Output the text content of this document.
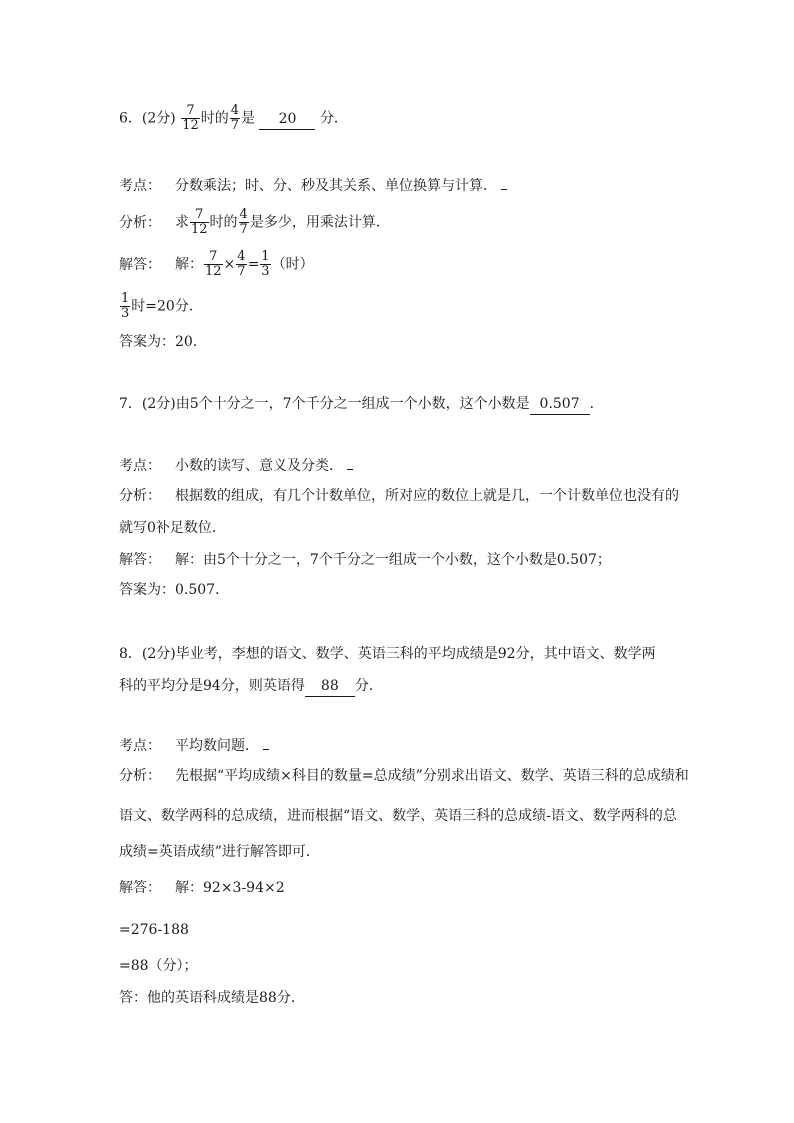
6．(2分) $\frac{7}{12}$ 时的 $\frac{4}{7}$ 是 20 分．
考点： 分数乘法；时、分、秒及其关系、单位换算与计算．
分析： 求 $\frac{7}{12}$ 时的 $\frac{4}{7}$ 是多少，用乘法计算．
解答： 解： $\frac{7}{12} \times \frac{4}{7} = \frac{1}{3}$ （时）
$\frac{1}{3}$ 时=20分．
答案为：20．
7．(2分)由5个十分之一，7个千分之一组成一个小数，这个小数是 0.507 ．
考点： 小数的读写、意义及分类．
分析： 根据数的组成，有几个计数单位，所对应的数位上就是几，一个计数单位也没有的
就写0补足数位．
解答： 解：由5个十分之一，7个千分之一组成一个小数，这个小数是0.507；
答案为：0.507．
8．(2分)毕业考，李想的语文、数学、英语三科的平均成绩是92分，其中语文、数学两
科的平均分是94分，则英语得 88 分．
考点： 平均数问题．
分析： 先根据“平均成绩×科目的数量=总成绩”分别求出语文、数学、英语三科的总成绩和
语文、数学两科的总成绩，进而根据“语文、数学、英语三科的总成绩-语文、数学两科的总
成绩=英语成绩”进行解答即可．
解答： 解：92×3-94×2
=276-188
=88（分）；
答：他的英语科成绩是88分．
